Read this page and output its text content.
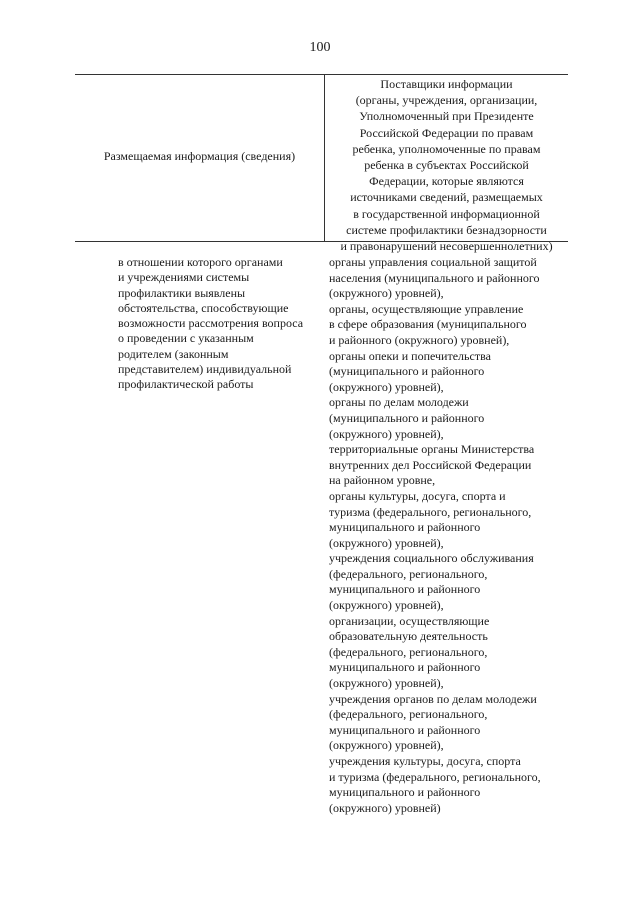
100
Размещаемая информация (сведения)
Поставщики информации
(органы, учреждения, организации,
Уполномоченный при Президенте
Российской Федерации по правам
ребенка, уполномоченные по правам
ребенка в субъектах Российской
Федерации, которые являются
источниками сведений, размещаемых
в государственной информационной
системе профилактики безнадзорности
и правонарушений несовершеннолетних)
в отношении которого органами
и учреждениями системы
профилактики выявлены
обстоятельства, способствующие
возможности рассмотрения вопроса
о проведении с указанным
родителем (законным
представителем) индивидуальной
профилактической работы
органы управления социальной защитой
населения (муниципального и районного
(окружного) уровней),
органы, осуществляющие управление
в сфере образования (муниципального
и районного (окружного) уровней),
органы опеки и попечительства
(муниципального и районного
(окружного) уровней),
органы по делам молодежи
(муниципального и районного
(окружного) уровней),
территориальные органы Министерства
внутренних дел Российской Федерации
на районном уровне,
органы культуры, досуга, спорта и
туризма (федерального, регионального,
муниципального и районного
(окружного) уровней),
учреждения социального обслуживания
(федерального, регионального,
муниципального и районного
(окружного) уровней),
организации, осуществляющие
образовательную деятельность
(федерального, регионального,
муниципального и районного
(окружного) уровней),
учреждения органов по делам молодежи
(федерального, регионального,
муниципального и районного
(окружного) уровней),
учреждения культуры, досуга, спорта
и туризма (федерального, регионального,
муниципального и районного
(окружного) уровней)
